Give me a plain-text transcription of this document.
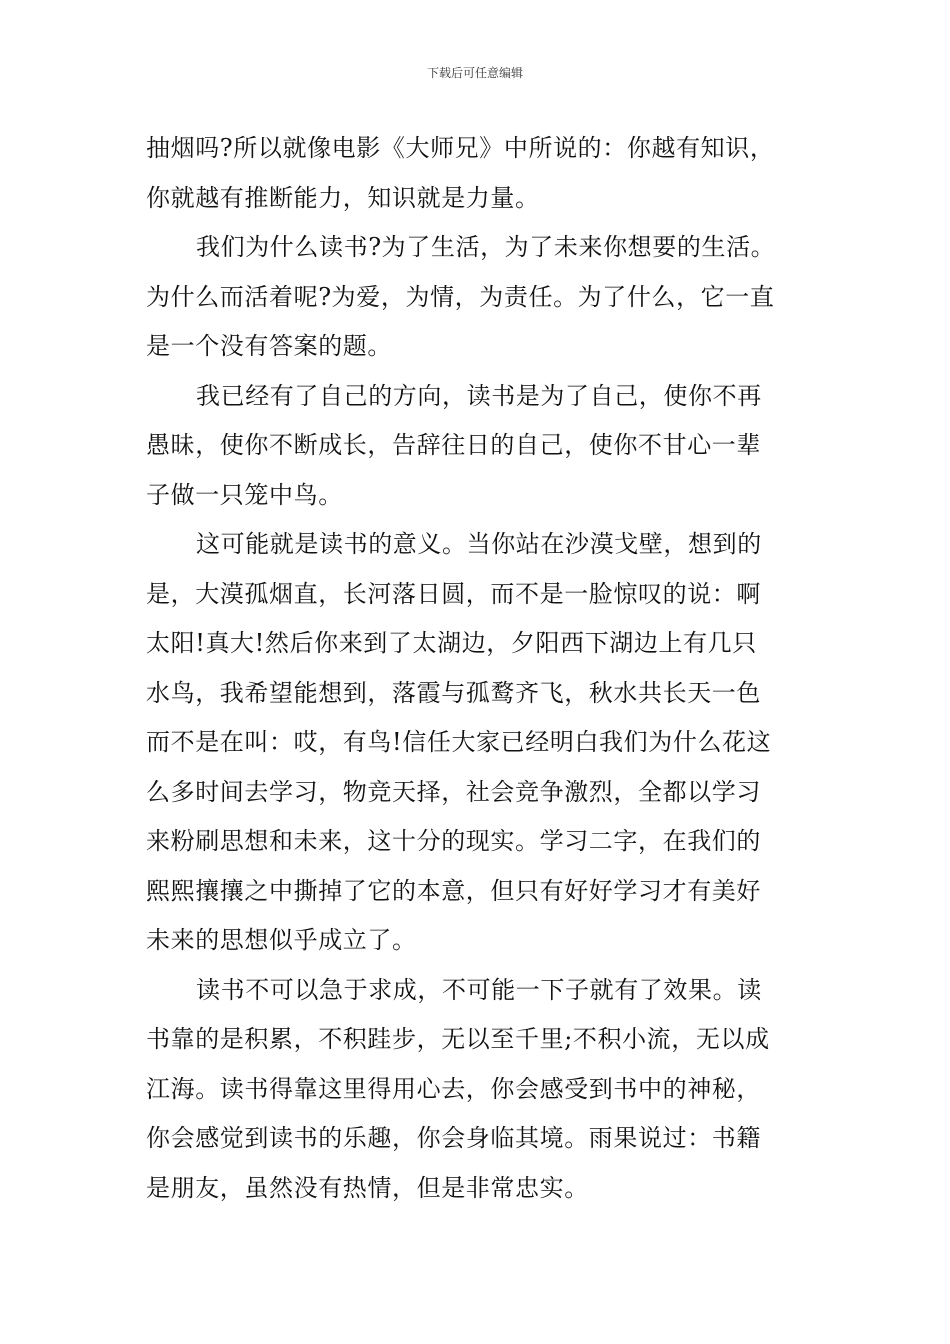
下载后可任意编辑
抽烟吗?所以就像电影《大师兄》中所说的：你越有知识，
你就越有推断能力，知识就是力量。
我们为什么读书?为了生活，为了未来你想要的生活。
为什么而活着呢?为爱，为情，为责任。为了什么，它一直
是一个没有答案的题。
我已经有了自己的方向，读书是为了自己，使你不再
愚昧，使你不断成长，告辞往日的自己，使你不甘心一辈
子做一只笼中鸟。
这可能就是读书的意义。当你站在沙漠戈壁，想到的
是，大漠孤烟直，长河落日圆，而不是一脸惊叹的说：啊
太阳!真大!然后你来到了太湖边，夕阳西下湖边上有几只
水鸟，我希望能想到，落霞与孤鹜齐飞，秋水共长天一色
而不是在叫：哎，有鸟!信任大家已经明白我们为什么花这
么多时间去学习，物竞天择，社会竞争激烈，全都以学习
来粉刷思想和未来，这十分的现实。学习二字，在我们的
熙熙攘攘之中撕掉了它的本意，但只有好好学习才有美好
未来的思想似乎成立了。
读书不可以急于求成，不可能一下子就有了效果。读
书靠的是积累，不积跬步，无以至千里;不积小流，无以成
江海。读书得靠这里得用心去，你会感受到书中的神秘，
你会感觉到读书的乐趣，你会身临其境。雨果说过：书籍
是朋友，虽然没有热情，但是非常忠实。
